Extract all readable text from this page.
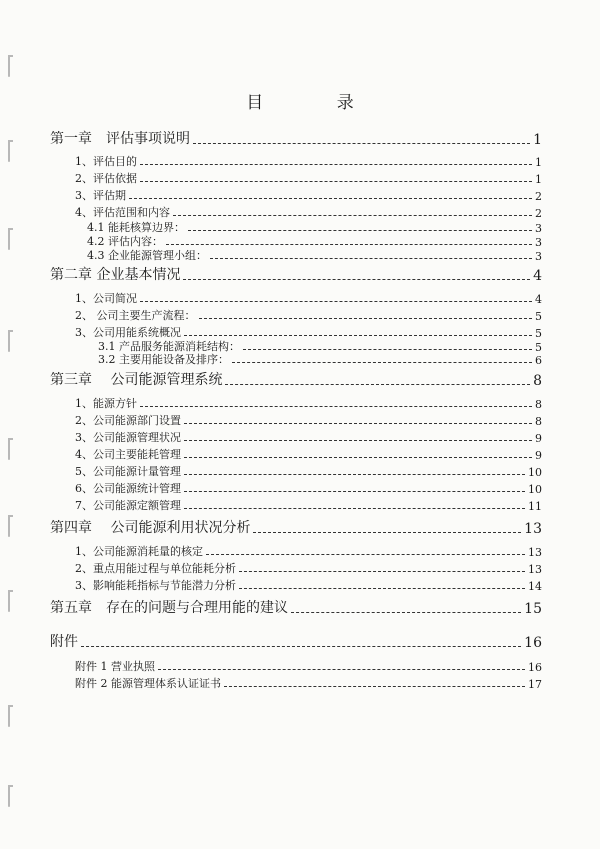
目 录
第一章　评估事项说明	1
1、评估目的	1
2、评估依据	1
3、评估期	2
4、评估范围和内容	2
4.1 能耗核算边界：	3
4.2 评估内容：	3
4.3 企业能源管理小组：	3
第二章 企业基本情况	4
1、公司简况	4
2、 公司主要生产流程：	5
3、公司用能系统概况	5
3.1 产品服务能源消耗结构：	5
3.2 主要用能设备及排序：	6
第三章　 公司能源管理系统	8
1、能源方针	8
2、公司能源部门设置	8
3、公司能源管理状况	9
4、公司主要能耗管理	9
5、公司能源计量管理	10
6、公司能源统计管理	10
7、公司能源定额管理	11
第四章　 公司能源利用状况分析	13
1、公司能源消耗量的核定	13
2、重点用能过程与单位能耗分析	13
3、影响能耗指标与节能潜力分析	14
第五章　存在的问题与合理用能的建议	15
附件	16
附件 1 营业执照	16
附件 2 能源管理体系认证证书	17
